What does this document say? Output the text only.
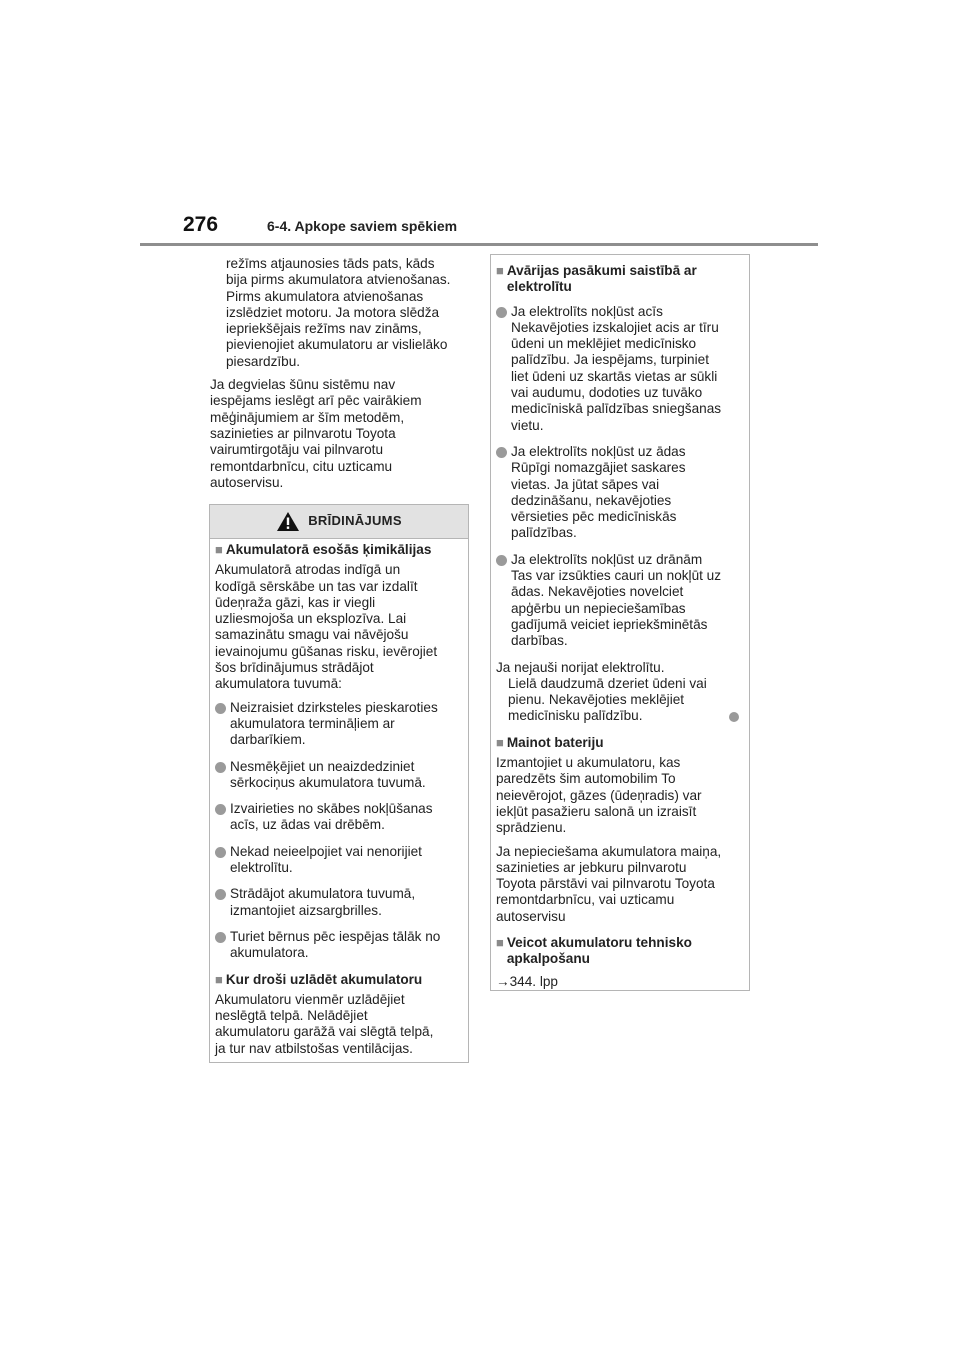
276	6-4. Apkope saviem spēkiem

režīms atjaunosies tāds pats, kāds
bija pirms akumulatora atvienošanas.
Pirms akumulatora atvienošanas
izslēdziet motoru. Ja motora slēdža
iepriekšējais režīms nav zināms,
pievienojiet akumulatoru ar vislielāko
piesardzību.

Ja degvielas šūnu sistēmu nav
iespējams ieslēgt arī pēc vairākiem
mēģinājumiem ar šīm metodēm,
sazinieties ar pilnvarotu Toyota
vairumtirgotāju vai pilnvarotu
remontdarbnīcu, citu uzticamu
autoservisu.

BRĪDINĀJUMS
■ Akumulatorā esošās ķimikālijas

Akumulatorā atrodas indīgā un
kodīgā sērskābe un tas var izdalīt
ūdeņraža gāzi, kas ir viegli
uzliesmojoša un eksplozīva. Lai
samazinātu smagu vai nāvējošu
ievainojumu gūšanas risku, ievērojiet
šos brīdinājumus strādājot
akumulatora tuvumā:

Neizraisiet dzirksteles pieskaroties
akumulatora termināļiem ar
darbarīkiem.
Nesmēķējiet un neaizdedziniet
sērkociņus akumulatora tuvumā.
Izvairieties no skābes nokļūšanas
acīs, uz ādas vai drēbēm.
Nekad neieelpojiet vai nenorijiet
elektrolītu.
Strādājot akumulatora tuvumā,
izmantojiet aizsargbrilles.
Turiet bērnus pēc iespējas tālāk no
akumulatora.
■ Kur droši uzlādēt akumulatoru

Akumulatoru vienmēr uzlādējiet
neslēgtā telpā. Nelādējiet
akumulatoru garāžā vai slēgtā telpā,
ja tur nav atbilstošas ventilācijas.

■ Avārijas pasākumi saistībā ar
elektrolītu
Ja elektrolīts nokļūst acīs
Nekavējoties izskalojiet acis ar tīru
ūdeni un meklējiet medicīnisko
palīdzību. Ja iespējams, turpiniet
liet ūdeni uz skartās vietas ar sūkli
vai audumu, dodoties uz tuvāko
medicīniskā palīdzības sniegšanas
vietu.
Ja elektrolīts nokļūst uz ādas
Rūpīgi nomazgājiet saskares
vietas. Ja jūtat sāpes vai
dedzināšanu, nekavējoties
vērsieties pēc medicīniskās
palīdzības.
Ja elektrolīts nokļūst uz drānām
Tas var izsūkties cauri un nokļūt uz
ādas. Nekavējoties novelciet
apģērbu un nepieciešamības
gadījumā veiciet iepriekšminētās
darbības.

Ja nejauši norijat elektrolītu.
Lielā daudzumā dzeriet ūdeni vai
pienu. Nekavējoties meklējiet
medicīnisku palīdzību.

■ Mainot bateriju

Izmantojiet u akumulatoru, kas
paredzēts šim automobilim To
neievērojot, gāzes (ūdeņradis) var
iekļūt pasažieru salonā un izraisīt
sprādzienu.

Ja nepieciešama akumulatora maiņa,
sazinieties ar jebkuru pilnvarotu
Toyota pārstāvi vai pilnvarotu Toyota
remontdarbnīcu, vai uzticamu
autoservisu

■ Veicot akumulatoru tehnisko
apkalpošanu

→344. lpp
